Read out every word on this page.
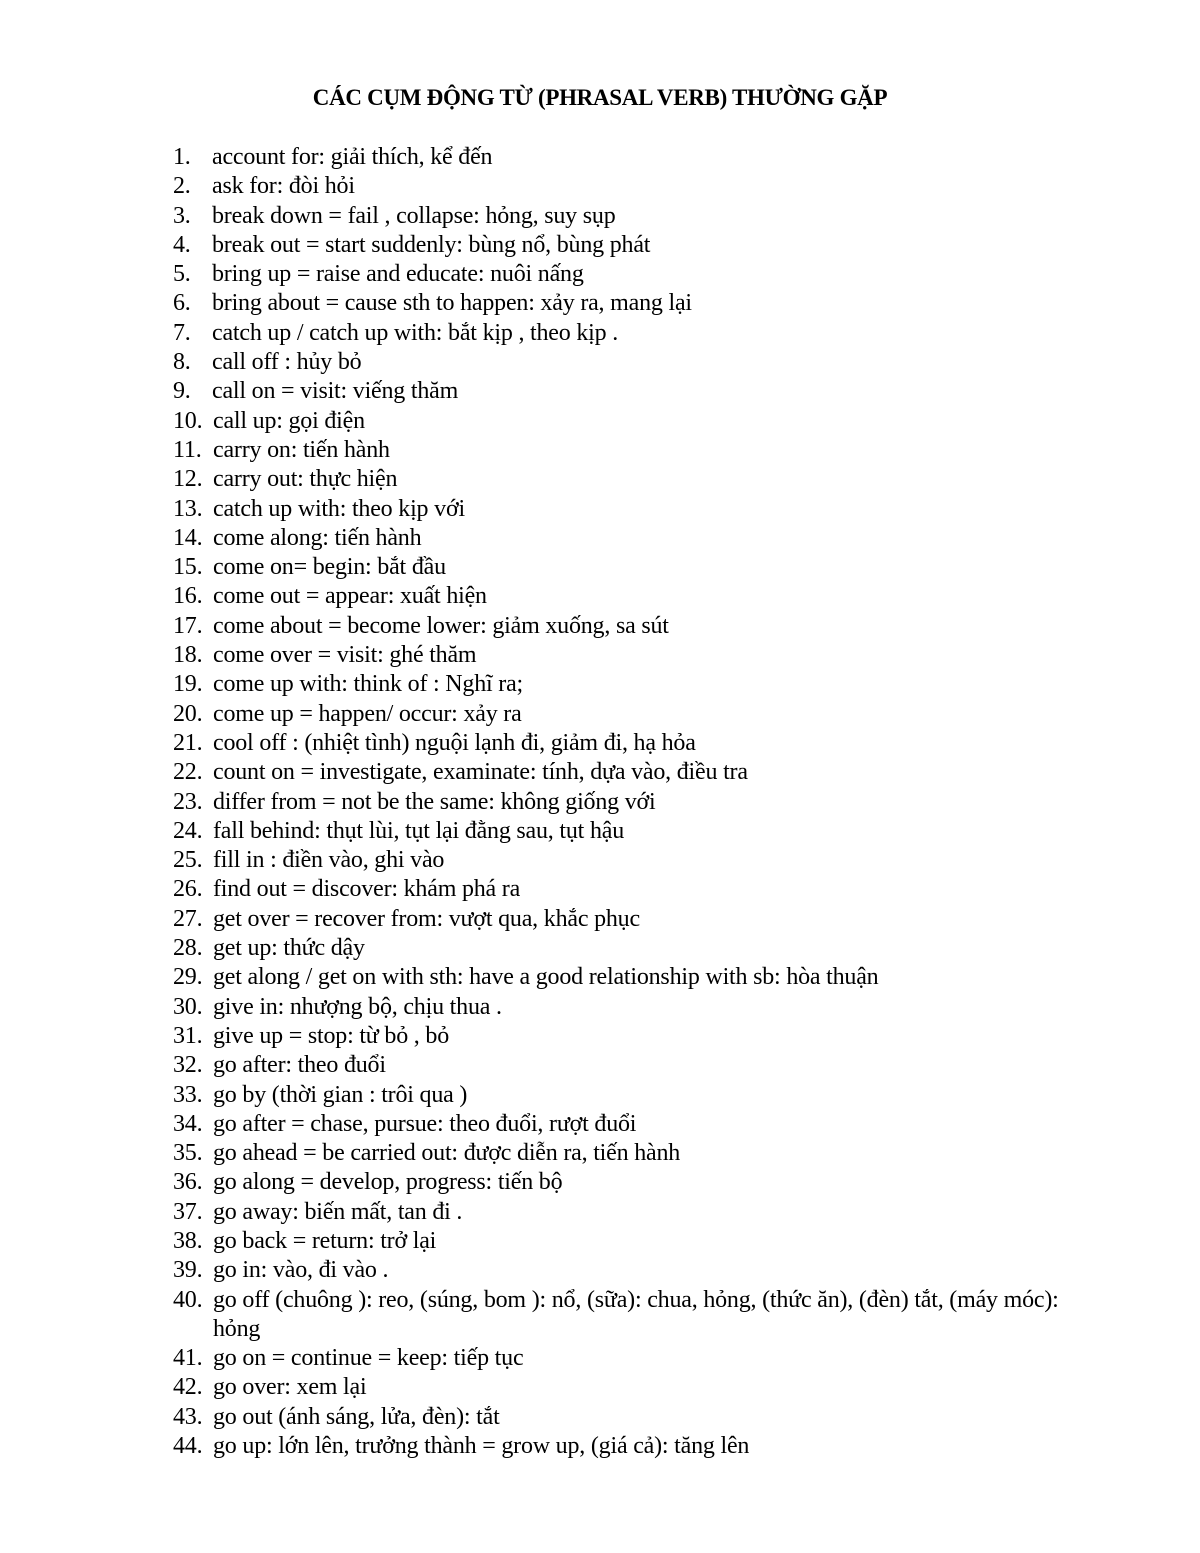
CÁC CỤM ĐỘNG TỪ (PHRASAL VERB) THƯỜNG GẶP
1. account for: giải thích, kể đến
2. ask for: đòi hỏi
3. break down = fail , collapse: hỏng, suy sụp
4. break out = start suddenly: bùng nổ, bùng phát
5. bring up = raise and educate: nuôi nấng
6. bring about = cause sth to happen: xảy ra, mang lại
7. catch up / catch up with: bắt kịp , theo kịp .
8. call off : hủy bỏ
9. call on = visit: viếng thăm
10. call up: gọi điện
11. carry on: tiến hành
12. carry out: thực hiện
13. catch up with: theo kịp với
14. come along: tiến hành
15. come on= begin: bắt đầu
16. come out = appear: xuất hiện
17. come about = become lower: giảm xuống, sa sút
18. come over = visit: ghé thăm
19. come up with: think of : Nghĩ ra;
20. come up = happen/ occur: xảy ra
21. cool off : (nhiệt tình) nguội lạnh đi, giảm đi, hạ hỏa
22. count on = investigate, examinate: tính, dựa vào, điều tra
23. differ from = not be the same: không giống với
24. fall behind: thụt lùi, tụt lại đằng sau, tụt hậu
25. fill in : điền vào, ghi vào
26. find out = discover: khám phá ra
27. get over = recover from: vượt qua, khắc phục
28. get up: thức dậy
29. get along / get on with sth: have a good relationship with sb: hòa thuận
30. give in: nhượng bộ, chịu thua .
31. give up = stop: từ bỏ , bỏ
32. go after: theo đuổi
33. go by (thời gian : trôi qua )
34. go after = chase, pursue: theo đuổi, rượt đuổi
35. go ahead = be carried out: được diễn ra, tiến hành
36. go along = develop, progress: tiến bộ
37. go away: biến mất, tan đi .
38. go back = return: trở lại
39. go in: vào, đi vào .
40. go off (chuông ): reo, (súng, bom ): nổ, (sữa): chua, hỏng, (thức ăn), (đèn) tắt, (máy móc): hỏng
41. go on = continue = keep: tiếp tục
42. go over: xem lại
43. go out (ánh sáng, lửa, đèn): tắt
44. go up: lớn lên, trưởng thành = grow up, (giá cả): tăng lên
